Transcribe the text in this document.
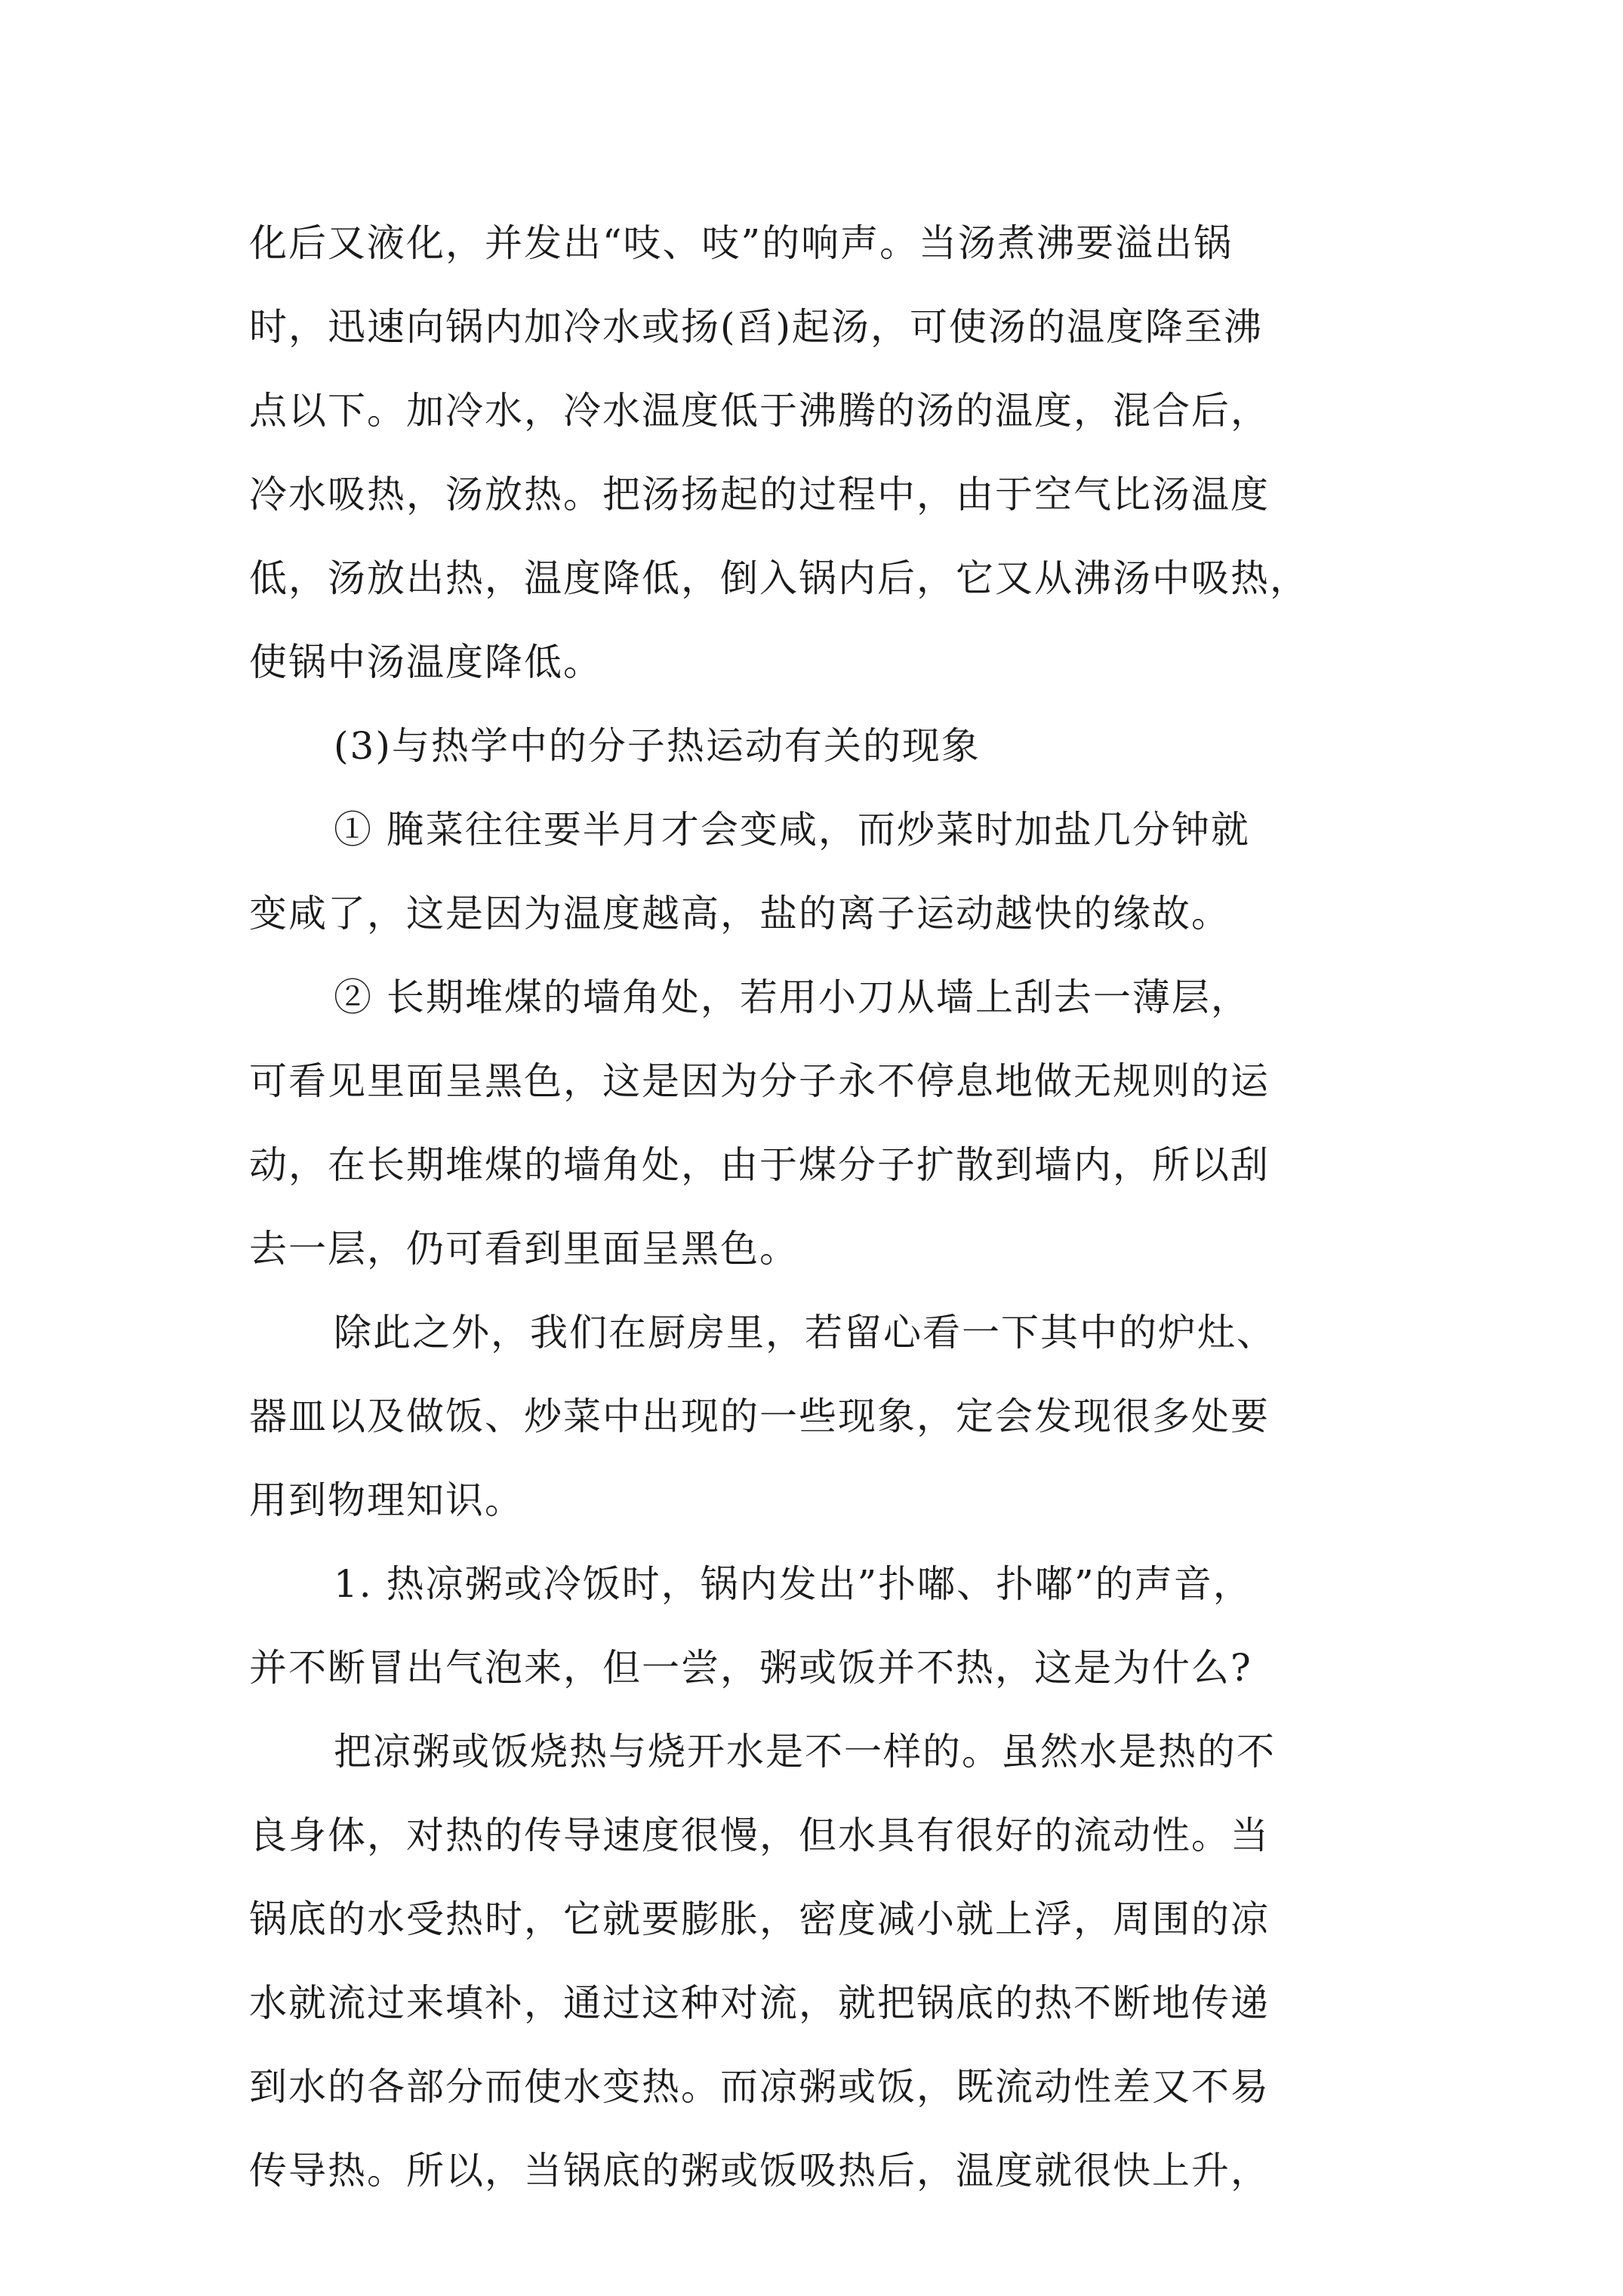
化后又液化，并发出“吱、吱”的响声。当汤煮沸要溢出锅
时，迅速向锅内加冷水或扬(舀)起汤，可使汤的温度降至沸
点以下。加冷水，冷水温度低于沸腾的汤的温度，混合后，
冷水吸热，汤放热。把汤扬起的过程中，由于空气比汤温度
低，汤放出热，温度降低，倒入锅内后，它又从沸汤中吸热，
使锅中汤温度降低。
(3)与热学中的分子热运动有关的现象
① 腌菜往往要半月才会变咸，而炒菜时加盐几分钟就
变咸了，这是因为温度越高，盐的离子运动越快的缘故。
② 长期堆煤的墙角处，若用小刀从墙上刮去一薄层，
可看见里面呈黑色，这是因为分子永不停息地做无规则的运
动，在长期堆煤的墙角处，由于煤分子扩散到墙内，所以刮
去一层，仍可看到里面呈黑色。
除此之外，我们在厨房里，若留心看一下其中的炉灶、
器皿以及做饭、炒菜中出现的一些现象，定会发现很多处要
用到物理知识。
1. 热凉粥或冷饭时，锅内发出”扑嘟、扑嘟”的声音，
并不断冒出气泡来，但一尝，粥或饭并不热，这是为什么?
把凉粥或饭烧热与烧开水是不一样的。虽然水是热的不
良身体，对热的传导速度很慢，但水具有很好的流动性。当
锅底的水受热时，它就要膨胀，密度减小就上浮，周围的凉
水就流过来填补，通过这种对流，就把锅底的热不断地传递
到水的各部分而使水变热。而凉粥或饭，既流动性差又不易
传导热。所以，当锅底的粥或饭吸热后，温度就很快上升，
